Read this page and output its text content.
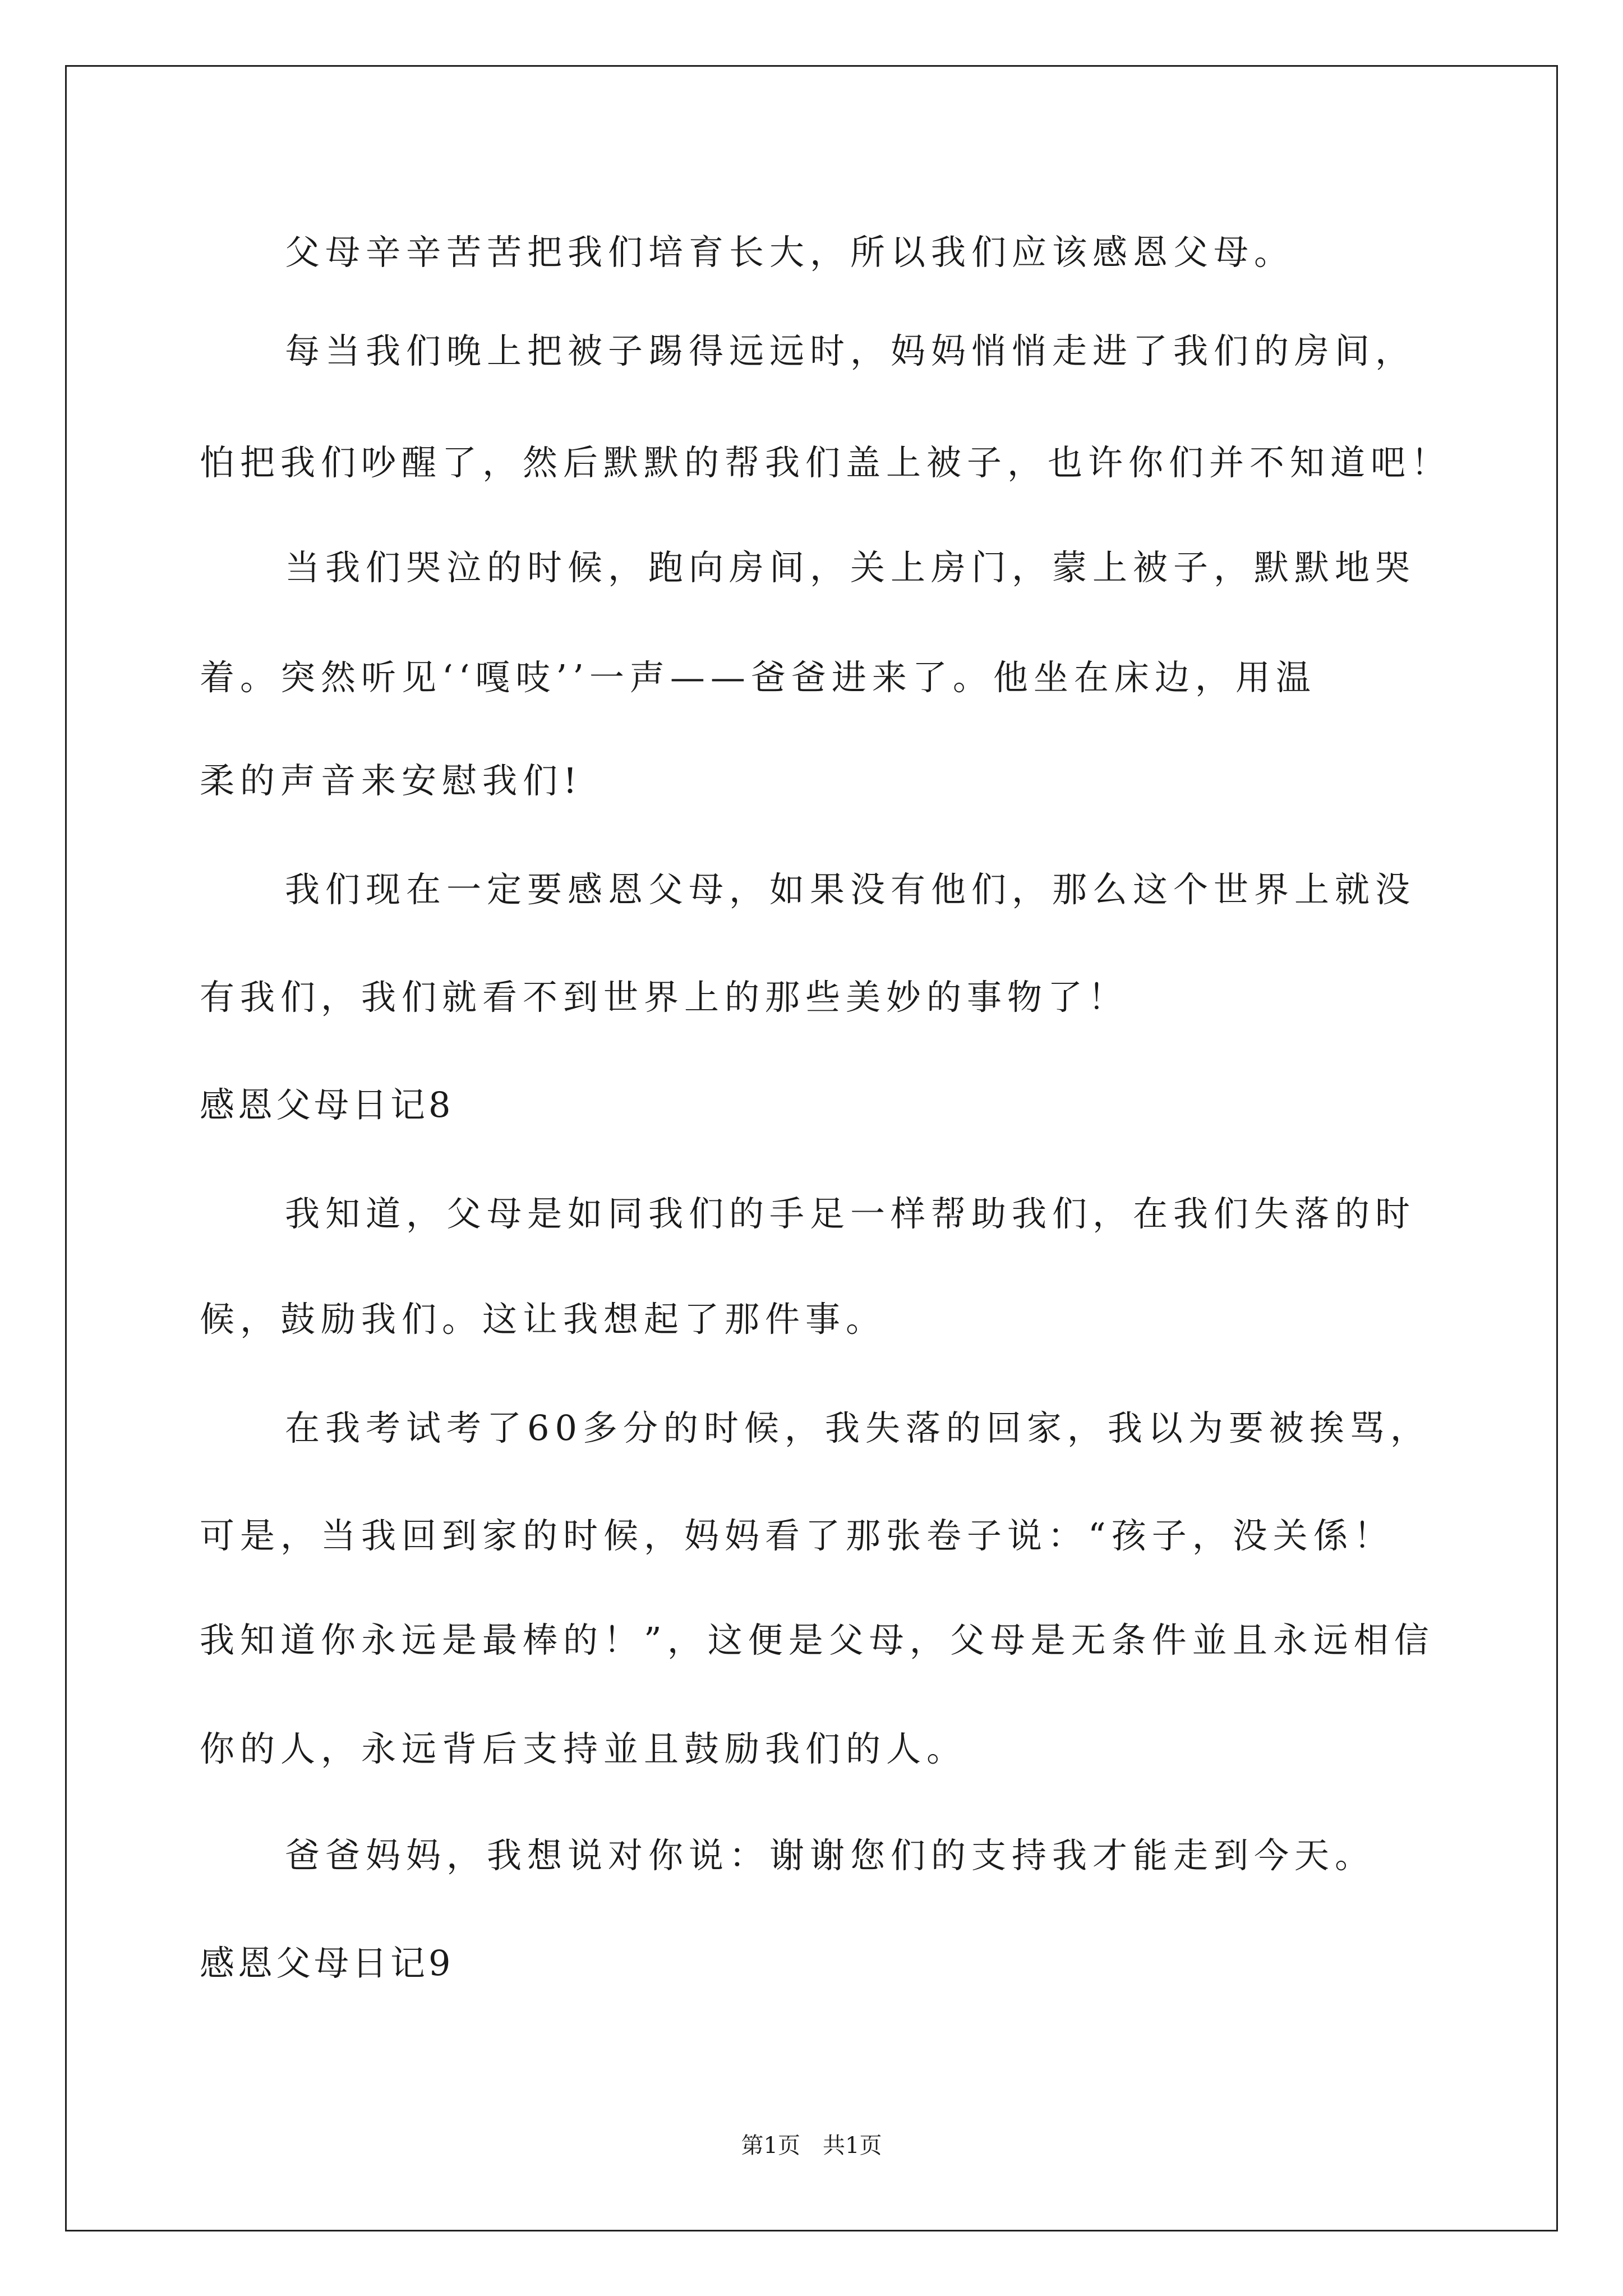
父母辛辛苦苦把我们培育长大，所以我们应该感恩父母。
每当我们晚上把被子踢得远远时，妈妈悄悄走进了我们的房间，
怕把我们吵醒了，然后默默的帮我们盖上被子，也许你们并不知道吧！
当我们哭泣的时候，跑向房间，关上房门，蒙上被子，默默地哭
着。突然听见‘‘嘎吱’’一声——爸爸进来了。他坐在床边，用温
柔的声音来安慰我们!
我们现在一定要感恩父母，如果没有他们，那么这个世界上就没
有我们，我们就看不到世界上的那些美妙的事物了！
感恩父母日记8
我知道，父母是如同我们的手足一样帮助我们，在我们失落的时
候，鼓励我们。这让我想起了那件事。
在我考试考了60多分的时候，我失落的回家，我以为要被挨骂，
可是，当我回到家的时候，妈妈看了那张卷子说：“孩子，没关係！
我知道你永远是最棒的！”，这便是父母，父母是无条件並且永远相信
你的人，永远背后支持並且鼓励我们的人。
爸爸妈妈，我想说对你说：谢谢您们的支持我才能走到今天。
感恩父母日记9
第1页 共1页
